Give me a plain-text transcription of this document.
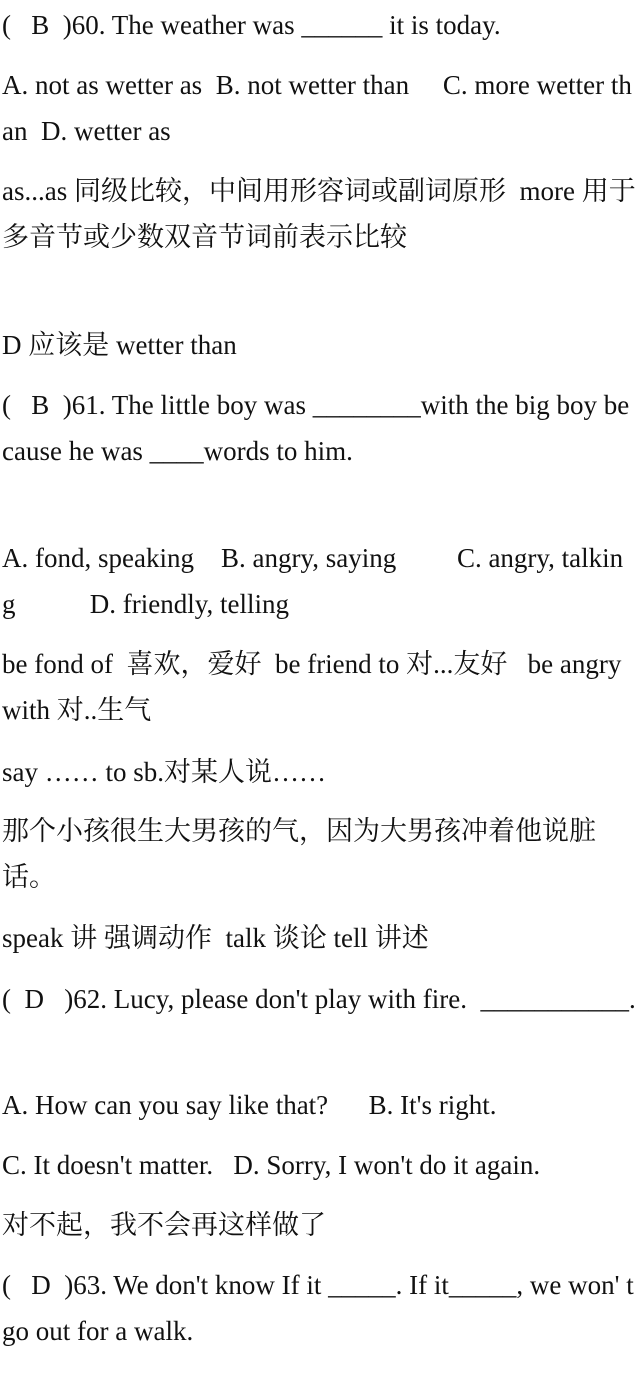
(   B  )60. The weather was ______ it is today.

A. not as wetter as  B. not wetter than     C. more wetter than  D. wetter as

as...as 同级比较，中间用形容词或副词原形  more 用于多音节或少数双音节词前表示比较

D 应该是 wetter than

(   B  )61. The little boy was ________with the big boy because he was ____words to him.

A. fond, speaking    B. angry, saying         C. angry, talking           D. friendly, telling

be fond of  喜欢，爱好  be friend to 对...友好   be angry with 对..生气

say …… to sb.对某人说……

那个小孩很生大男孩的气，因为大男孩冲着他说脏话。

speak 讲 强调动作  talk 谈论 tell 讲述

(  D   )62. Lucy, please don't play with fire.  ___________.

A. How can you say like that?      B. It's right.

C. It doesn't matter.   D. Sorry, I won't do it again.

对不起，我不会再这样做了

(   D  )63. We don't know If it _____. If it_____, we won' t go out for a walk.
